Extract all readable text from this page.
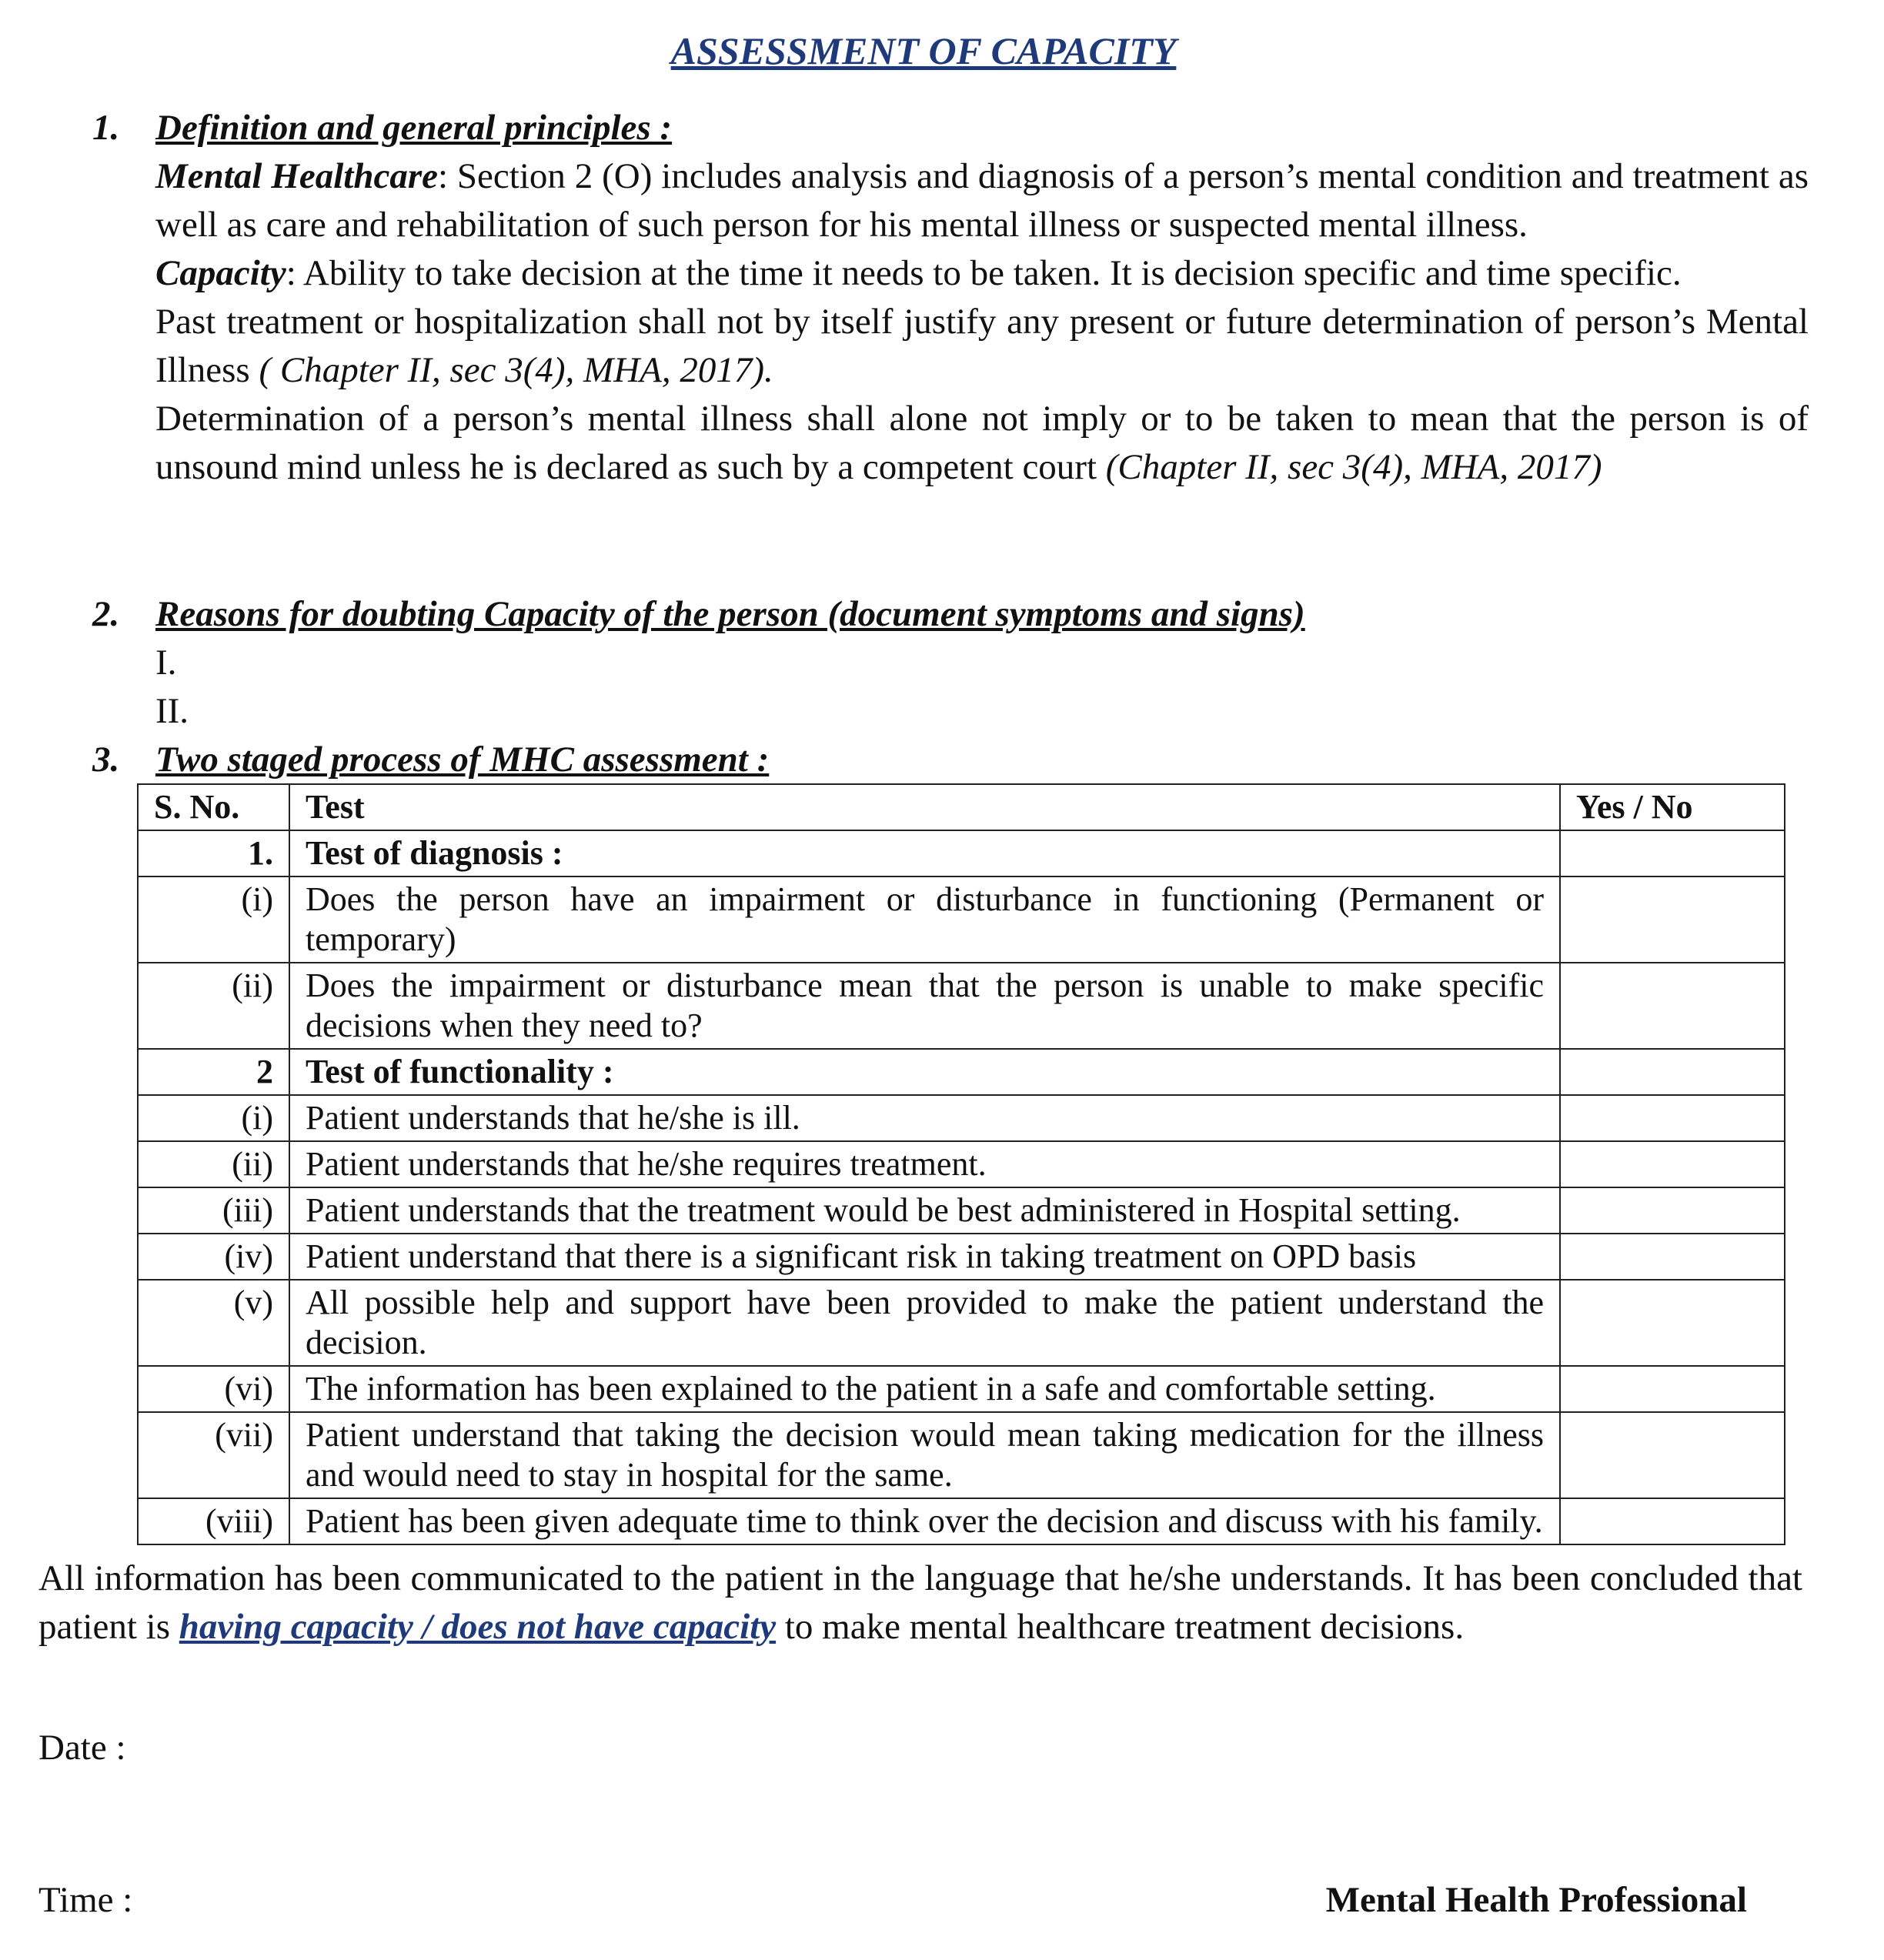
ASSESSMENT OF CAPACITY
1. Definition and general principles :
Mental Healthcare: Section 2 (O) includes analysis and diagnosis of a person’s mental condition and treatment as well as care and rehabilitation of such person for his mental illness or suspected mental illness.
Capacity: Ability to take decision at the time it needs to be taken. It is decision specific and time specific.
Past treatment or hospitalization shall not by itself justify any present or future determination of person’s Mental Illness ( Chapter II, sec 3(4), MHA, 2017).
Determination of a person’s mental illness shall alone not imply or to be taken to mean that the person is of unsound mind unless he is declared as such by a competent court (Chapter II, sec 3(4), MHA, 2017)
2. Reasons for doubting Capacity of the person (document symptoms and signs)
I.
II.
3. Two staged process of MHC assessment :
S. No.	Test	Yes / No
1.	Test of diagnosis :	
(i)	Does the person have an impairment or disturbance in functioning (Permanent or temporary)	
(ii)	Does the impairment or disturbance mean that the person is unable to make specific decisions when they need to?	
2	Test of functionality :	
(i)	Patient understands that he/she is ill.	
(ii)	Patient understands that he/she requires treatment.	
(iii)	Patient understands that the treatment would be best administered in Hospital setting.	
(iv)	Patient understand that there is a significant risk in taking treatment on OPD basis	
(v)	All possible help and support have been provided to make the patient understand the decision.	
(vi)	The information has been explained to the patient in a safe and comfortable setting.	
(vii)	Patient understand that taking the decision would mean taking medication for the illness and would need to stay in hospital for the same.	
(viii)	Patient has been given adequate time to think over the decision and discuss with his family.	
All information has been communicated to the patient in the language that he/she understands. It has been concluded that patient is having capacity / does not have capacity to make mental healthcare treatment decisions.
Date :
Time :	Mental Health Professional
